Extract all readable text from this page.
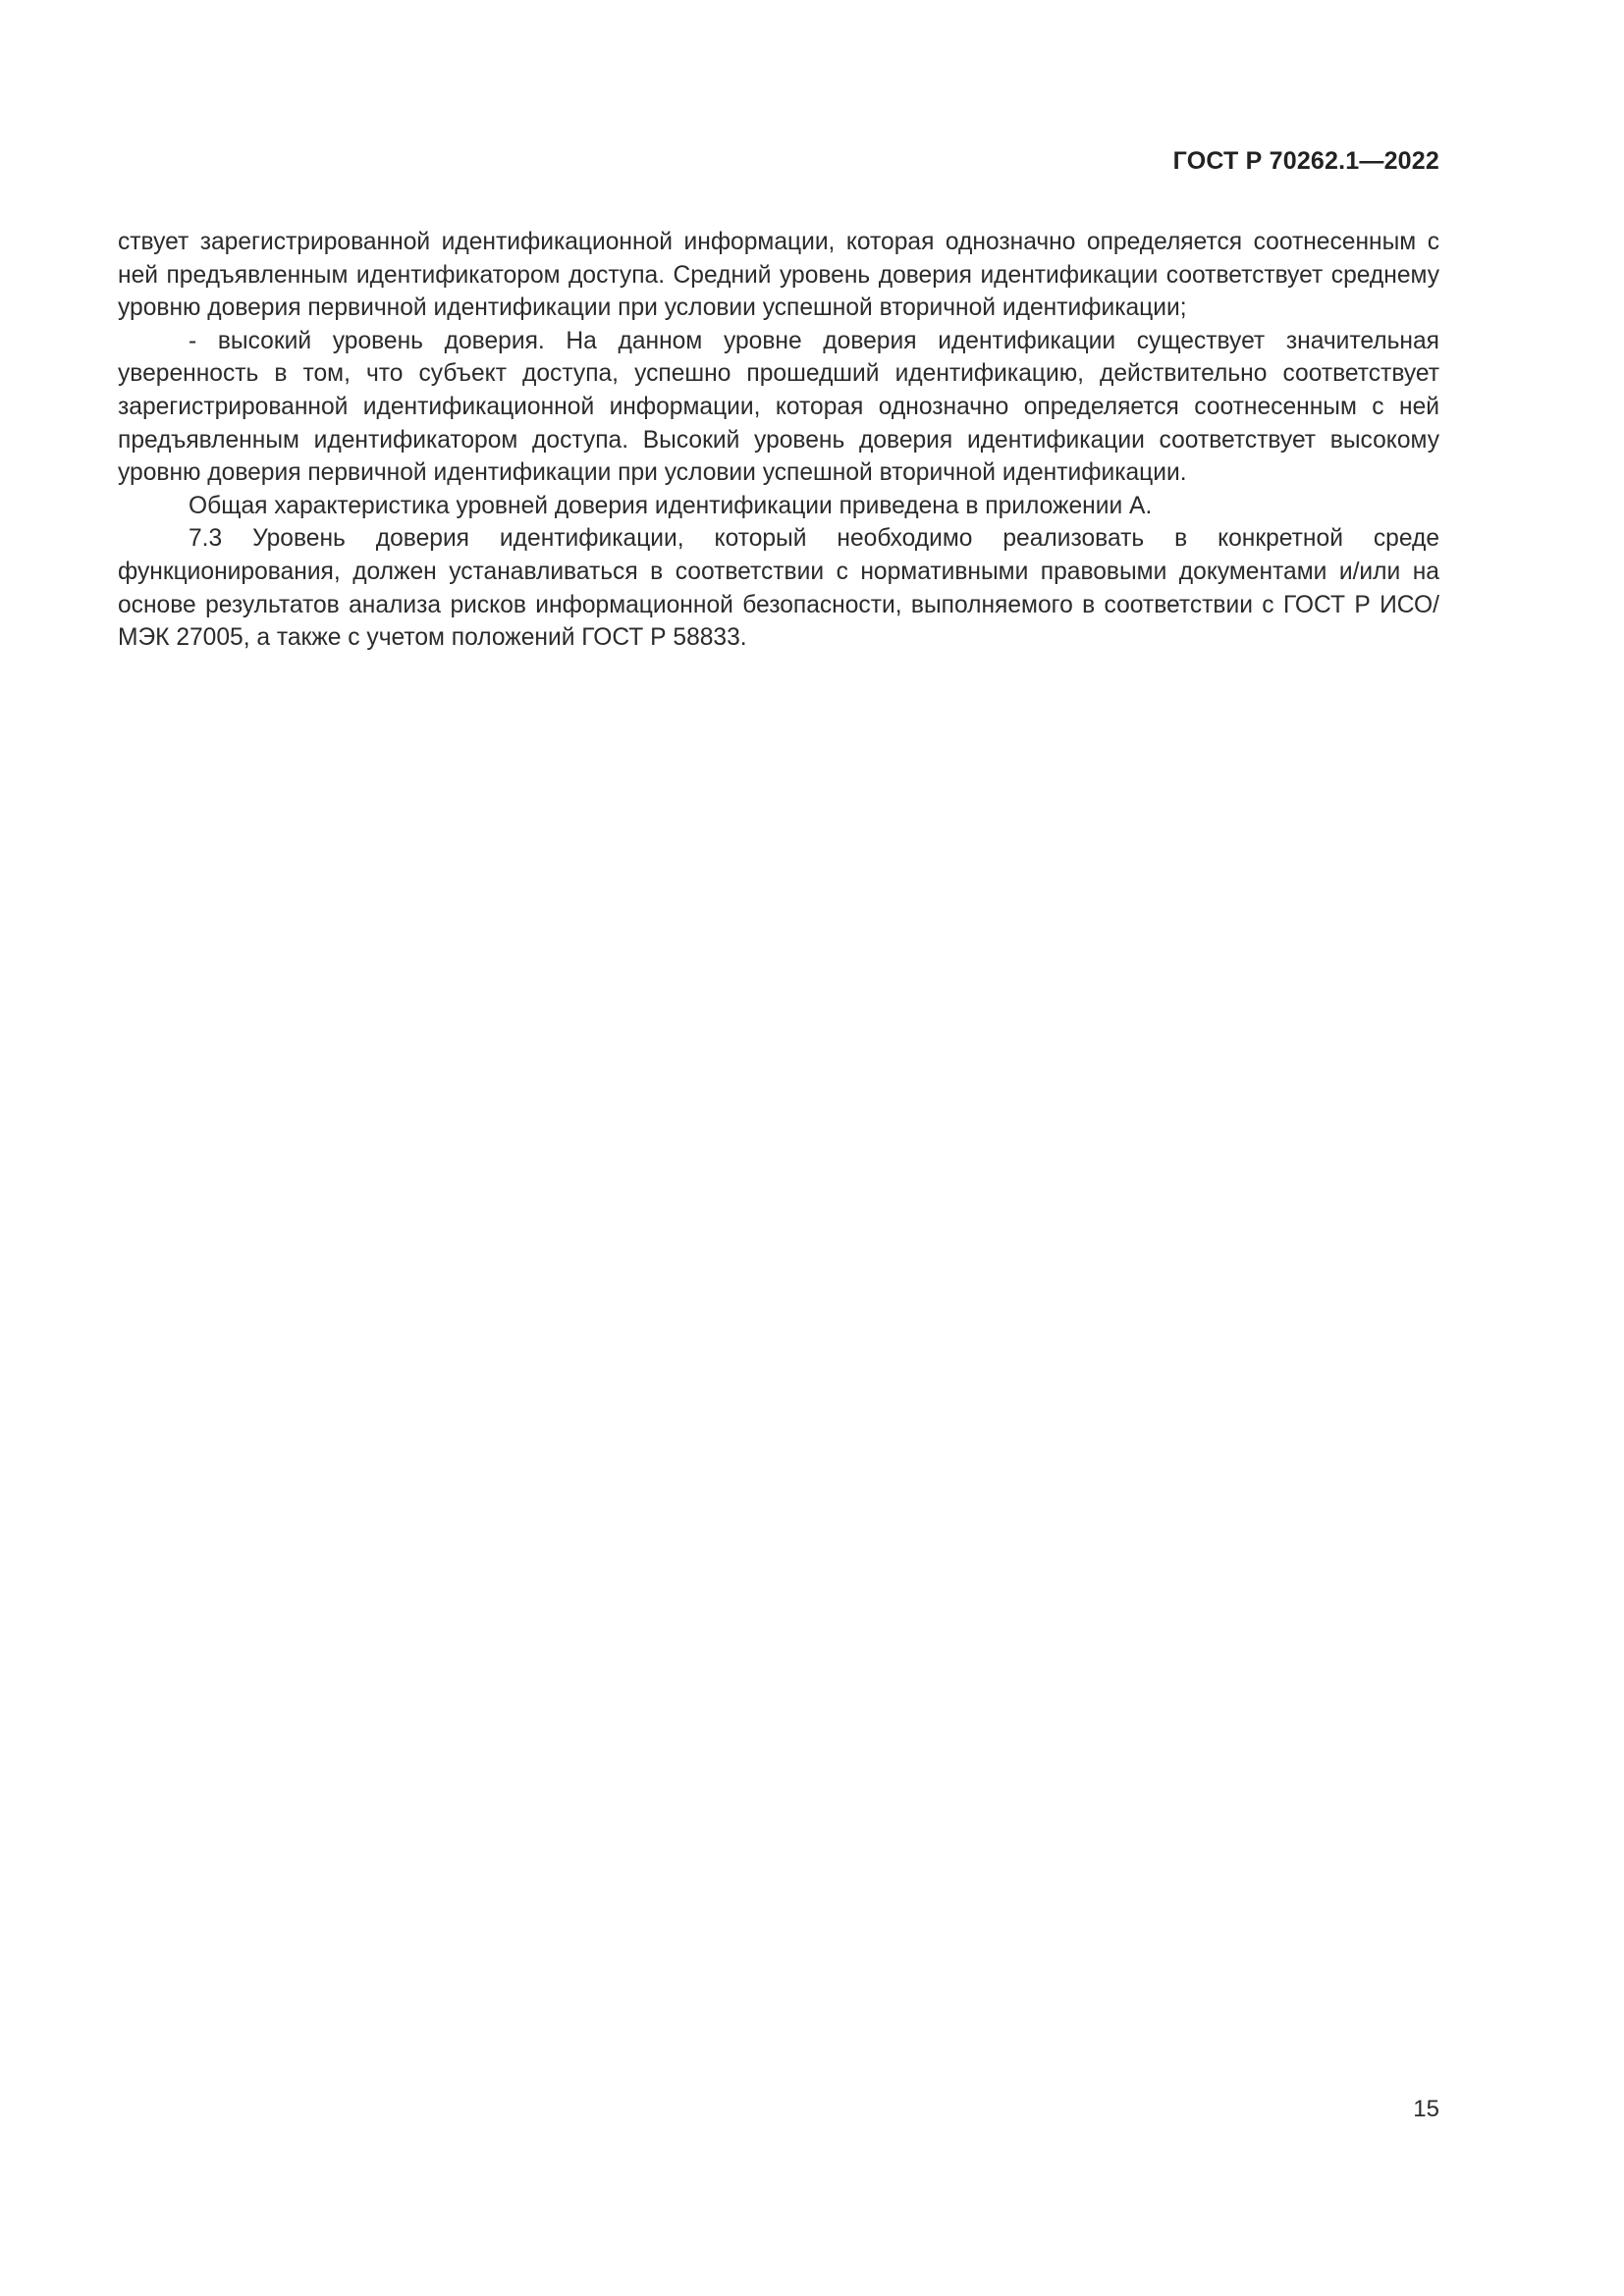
ГОСТ Р 70262.1—2022

ствует зарегистрированной идентификационной информации, которая однозначно определяется соотнесенным с ней предъявленным идентификатором доступа. Средний уровень доверия идентификации соответствует среднему уровню доверия первичной идентификации при условии успешной вторичной идентификации;

- высокий уровень доверия. На данном уровне доверия идентификации существует значительная уверенность в том, что субъект доступа, успешно прошедший идентификацию, действительно соответствует зарегистрированной идентификационной информации, которая однозначно определяется соотнесенным с ней предъявленным идентификатором доступа. Высокий уровень доверия идентификации соответствует высокому уровню доверия первичной идентификации при условии успешной вторичной идентификации.

Общая характеристика уровней доверия идентификации приведена в приложении А.

7.3 Уровень доверия идентификации, который необходимо реализовать в конкретной среде функционирования, должен устанавливаться в соответствии с нормативными правовыми документами и/или на основе результатов анализа рисков информационной безопасности, выполняемого в соответствии с ГОСТ Р ИСО/МЭК 27005, а также с учетом положений ГОСТ Р 58833.

15
